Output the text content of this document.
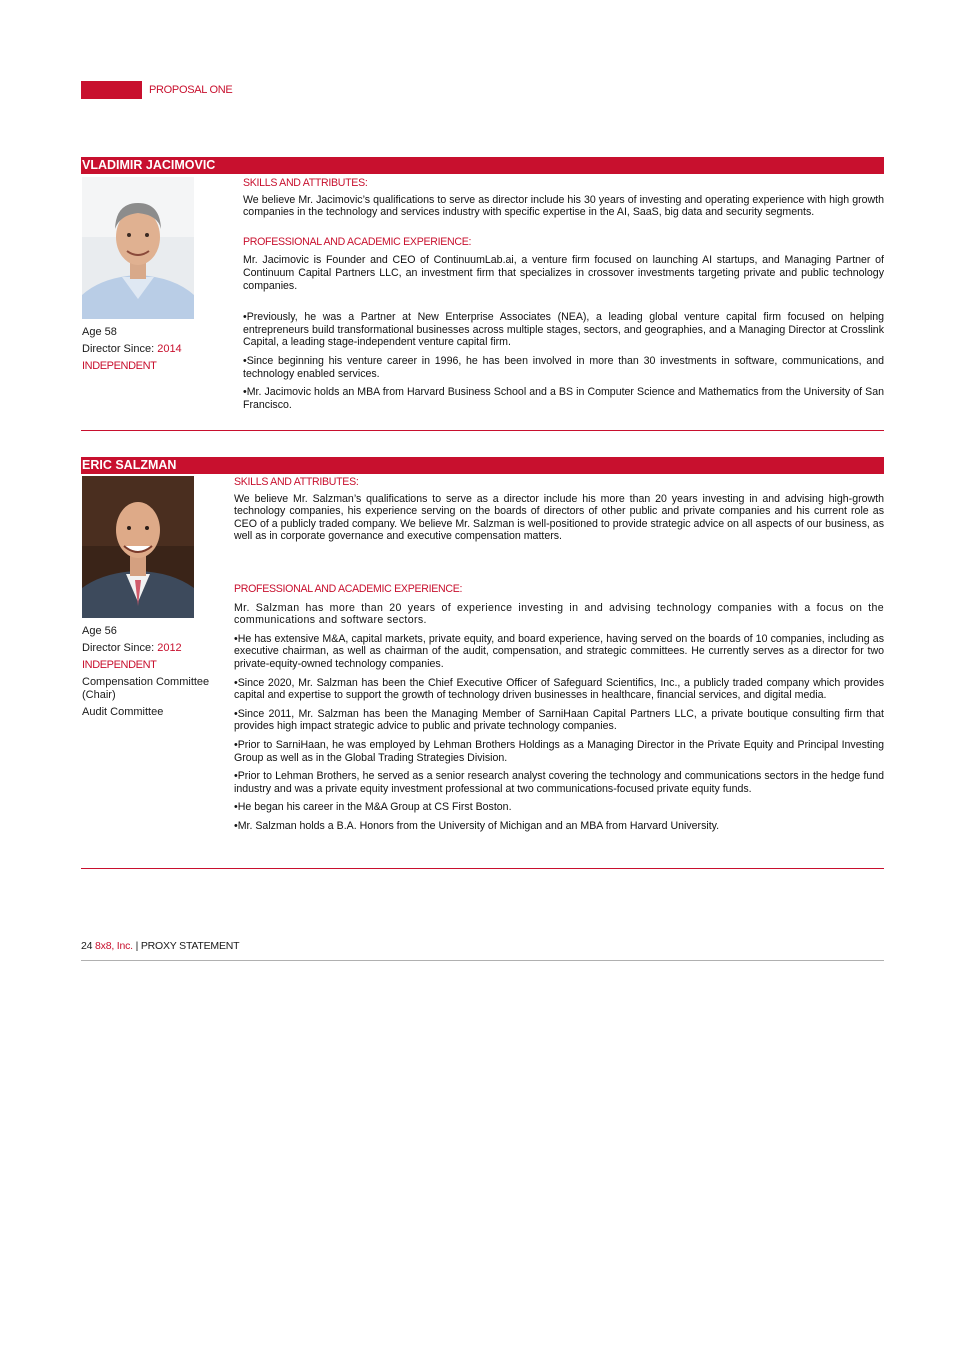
PROPOSAL ONE
VLADIMIR JACIMOVIC
Age 58
Director Since: 2014
INDEPENDENT

SKILLS AND ATTRIBUTES:

We believe Mr. Jacimovic’s qualifications to serve as director include his 30 years of investing and operating experience with high growth companies in the technology and services industry with specific expertise in the AI, SaaS, big data and security segments.

PROFESSIONAL AND ACADEMIC EXPERIENCE:

Mr. Jacimovic is Founder and CEO of ContinuumLab.ai, a venture firm focused on launching AI startups, and Managing Partner of Continuum Capital Partners LLC, an investment firm that specializes in crossover investments targeting private and public technology companies.

•Previously, he was a Partner at New Enterprise Associates (NEA), a leading global venture capital firm focused on helping entrepreneurs build transformational businesses across multiple stages, sectors, and geographies, and a Managing Director at Crosslink Capital, a leading stage-independent venture capital firm.

•Since beginning his venture career in 1996, he has been involved in more than 30 investments in software, communications, and technology enabled services.

•Mr. Jacimovic holds an MBA from Harvard Business School and a BS in Computer Science and Mathematics from the University of San Francisco.

ERIC SALZMAN
Age 56
Director Since: 2012
INDEPENDENT
Compensation Committee (Chair)
Audit Committee

SKILLS AND ATTRIBUTES:

We believe Mr. Salzman’s qualifications to serve as a director include his more than 20 years investing in and advising high-growth technology companies, his experience serving on the boards of directors of other public and private companies and his current role as CEO of a publicly traded company. We believe Mr. Salzman is well-positioned to provide strategic advice on all aspects of our business, as well as in corporate governance and executive compensation matters.

PROFESSIONAL AND ACADEMIC EXPERIENCE:

Mr. Salzman has more than 20 years of experience investing in and advising technology companies with a focus on the communications and software sectors.

•He has extensive M&A, capital markets, private equity, and board experience, having served on the boards of 10 companies, including as executive chairman, as well as chairman of the audit, compensation, and strategic committees. He currently serves as a director for two private-equity-owned technology companies.

•Since 2020, Mr. Salzman has been the Chief Executive Officer of Safeguard Scientifics, Inc., a publicly traded company which provides capital and expertise to support the growth of technology driven businesses in healthcare, financial services, and digital media.

•Since 2011, Mr. Salzman has been the Managing Member of SarniHaan Capital Partners LLC, a private boutique consulting firm that provides high impact strategic advice to public and private technology companies.

•Prior to SarniHaan, he was employed by Lehman Brothers Holdings as a Managing Director in the Private Equity and Principal Investing Group as well as in the Global Trading Strategies Division.

•Prior to Lehman Brothers, he served as a senior research analyst covering the technology and communications sectors in the hedge fund industry and was a private equity investment professional at two communications-focused private equity funds.

•He began his career in the M&A Group at CS First Boston.

•Mr. Salzman holds a B.A. Honors from the University of Michigan and an MBA from Harvard University.

24 8x8, Inc. | PROXY STATEMENT
